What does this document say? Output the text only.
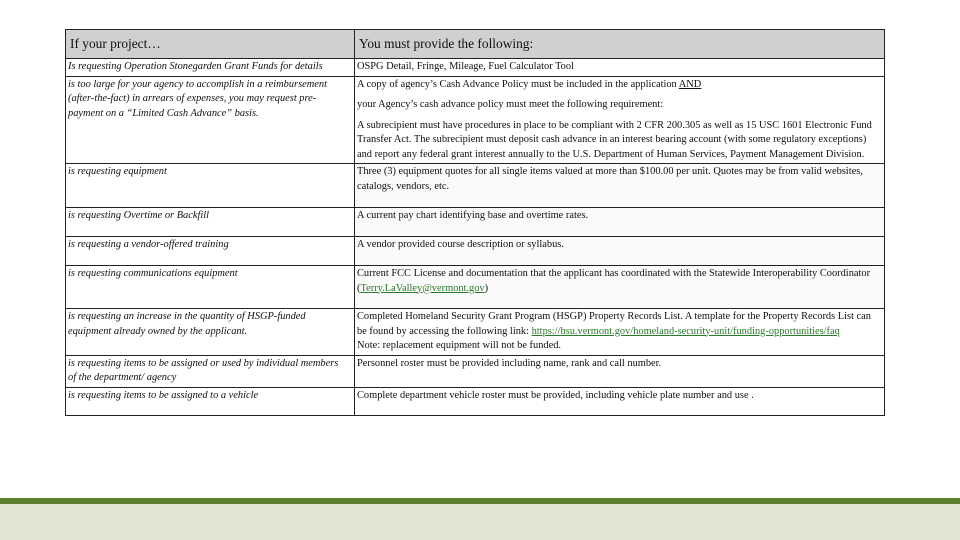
If your project…	You must provide the following:
Is requesting Operation Stonegarden Grant Funds for details	OSPG Detail, Fringe, Mileage, Fuel Calculator Tool
is too large for your agency to accomplish in a reimbursement (after-the-fact) in arrears of expenses, you may request pre-payment on a “Limited Cash Advance” basis.	A copy of agency’s Cash Advance Policy must be included in the application AND
your Agency’s cash advance policy must meet the following requirement:
A subrecipient must have procedures in place to be compliant with 2 CFR 200.305 as well as 15 USC 1601 Electronic Fund Transfer Act. The subrecipient must deposit cash advance in an interest bearing account (with some regulatory exceptions) and report any federal grant interest annually to the U.S. Department of Human Services, Payment Management Division.

is requesting equipment	Three (3) equipment quotes for all single items valued at more than $100.00 per unit. Quotes may be from valid websites, catalogs, vendors, etc.
is requesting Overtime or Backfill	A current pay chart identifying base and overtime rates.
is requesting a vendor-offered training	A vendor provided course description or syllabus.
is requesting communications equipment	Current FCC License and documentation that the applicant has coordinated with the Statewide Interoperability Coordinator (Terry.LaValley@vermont.gov)
is requesting an increase in the quantity of HSGP-funded equipment already owned by the applicant.	Completed Homeland Security Grant Program (HSGP) Property Records List. A template for the Property Records List can be found by accessing the following link: https://hsu.vermont.gov/homeland-security-unit/funding-opportunities/faq
Note: replacement equipment will not be funded.

is requesting items to be assigned or used by individual members of the department/ agency	Personnel roster must be provided including name, rank and call number.
is requesting items to be assigned to a vehicle	Complete department vehicle roster must be provided, including vehicle plate number and use .
